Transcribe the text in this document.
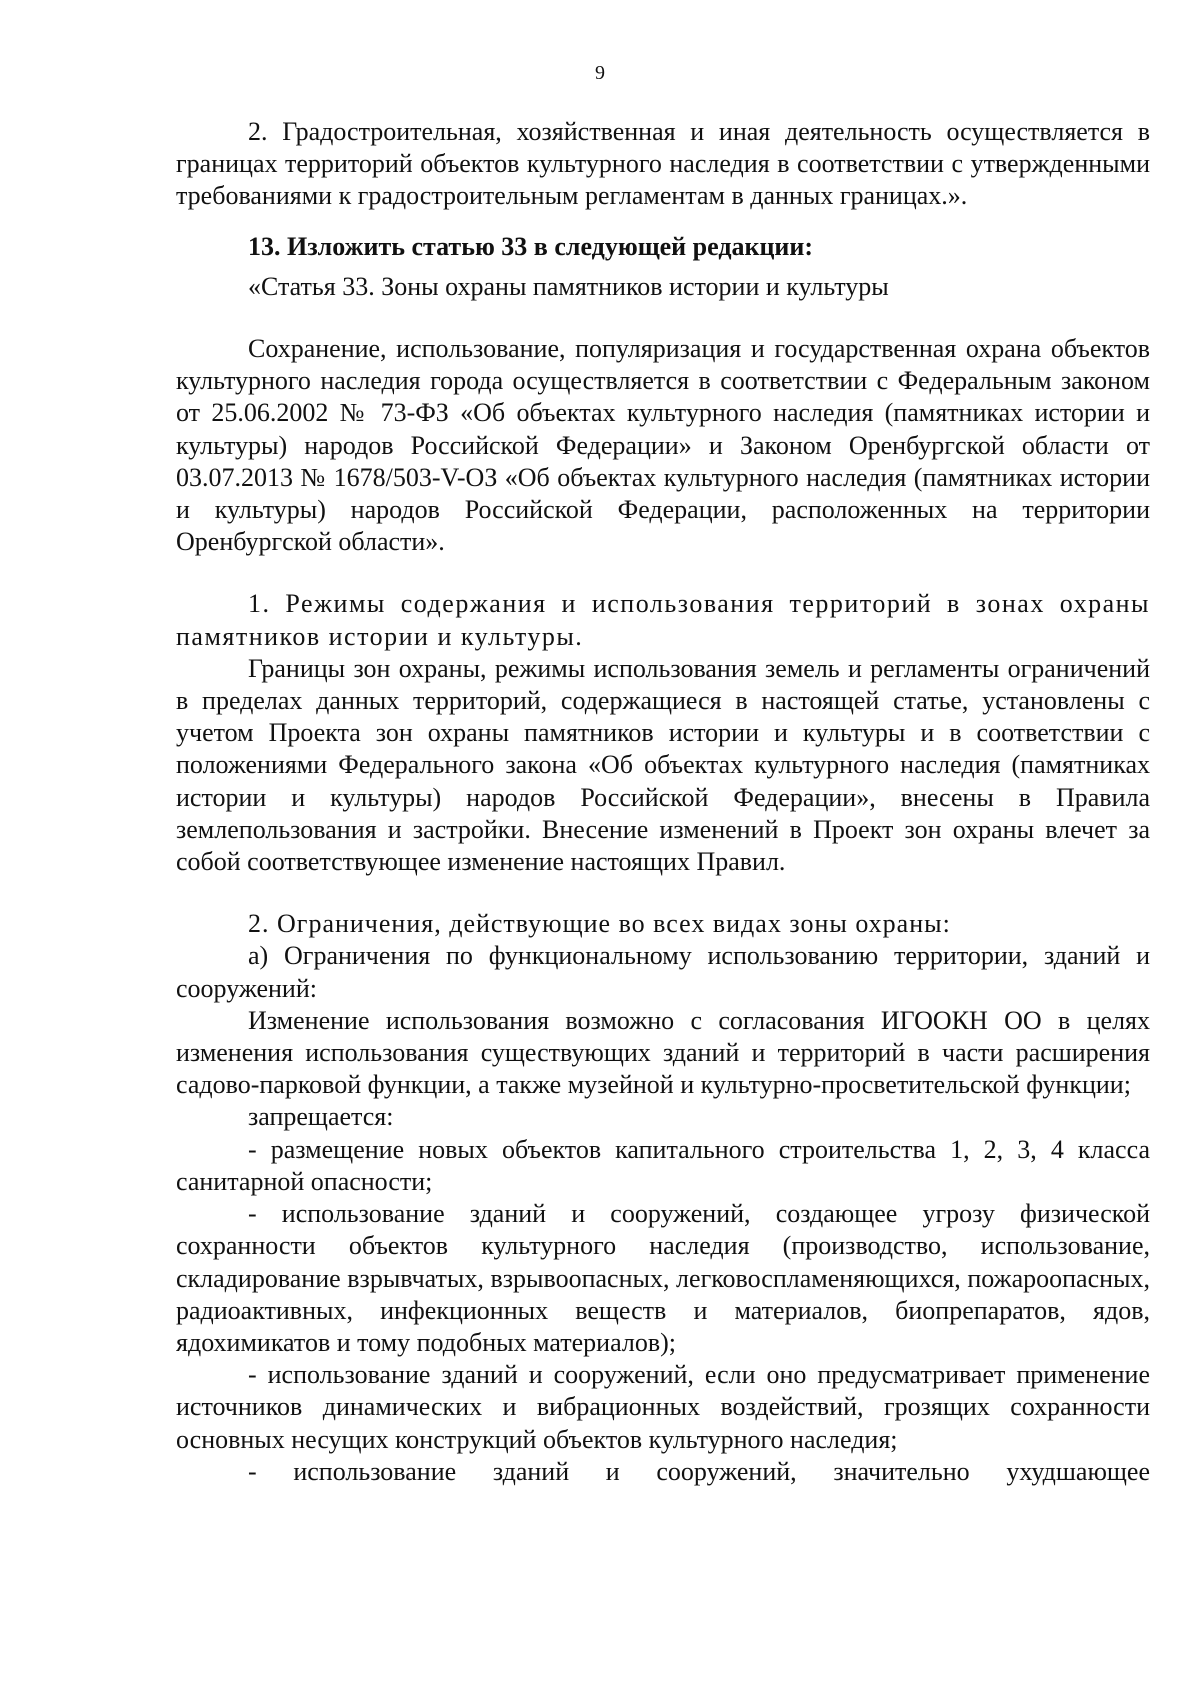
9

2. Градостроительная, хозяйственная и иная деятельность осуществляется в границах территорий объектов культурного наследия в соответствии с утвержденными требованиями к градостроительным регламентам в данных границах.».

13. Изложить статью 33 в следующей редакции:

«Статья 33. Зоны охраны памятников истории и культуры

Сохранение, использование, популяризация и государственная охрана объектов культурного наследия города осуществляется в соответствии с Федеральным законом от 25.06.2002 № 73-ФЗ «Об объектах культурного наследия (памятниках истории и культуры) народов Российской Федерации» и Законом Оренбургской области от 03.07.2013 № 1678/503-V-ОЗ «Об объектах культурного наследия (памятниках истории и культуры) народов Российской Федерации, расположенных на территории Оренбургской области».

1. Режимы содержания и использования территорий в зонах охраны памятников истории и культуры.

Границы зон охраны, режимы использования земель и регламенты ограничений в пределах данных территорий, содержащиеся в настоящей статье, установлены с учетом Проекта зон охраны памятников истории и культуры и в соответствии с положениями Федерального закона «Об объектах культурного наследия (памятниках истории и культуры) народов Российской Федерации», внесены в Правила землепользования и застройки. Внесение изменений в Проект зон охраны влечет за собой соответствующее изменение настоящих Правил.

2. Ограничения, действующие во всех видах зоны охраны:

а) Ограничения по функциональному использованию территории, зданий и сооружений:

Изменение использования возможно с согласования ИГООКН ОО в целях изменения использования существующих зданий и территорий в части расширения садово-парковой функции, а также музейной и культурно-просветительской функции;

запрещается:

- размещение новых объектов капитального строительства 1, 2, 3, 4 класса санитарной опасности;

- использование зданий и сооружений, создающее угрозу физической сохранности объектов культурного наследия (производство, использование, складирование взрывчатых, взрывоопасных, легковоспламеняющихся, пожароопасных, радиоактивных, инфекционных веществ и материалов, биопрепаратов, ядов, ядохимикатов и тому подобных материалов);

- использование зданий и сооружений, если оно предусматривает применение источников динамических и вибрационных воздействий, грозящих сохранности основных несущих конструкций объектов культурного наследия;

- использование зданий и сооружений, значительно ухудшающее
